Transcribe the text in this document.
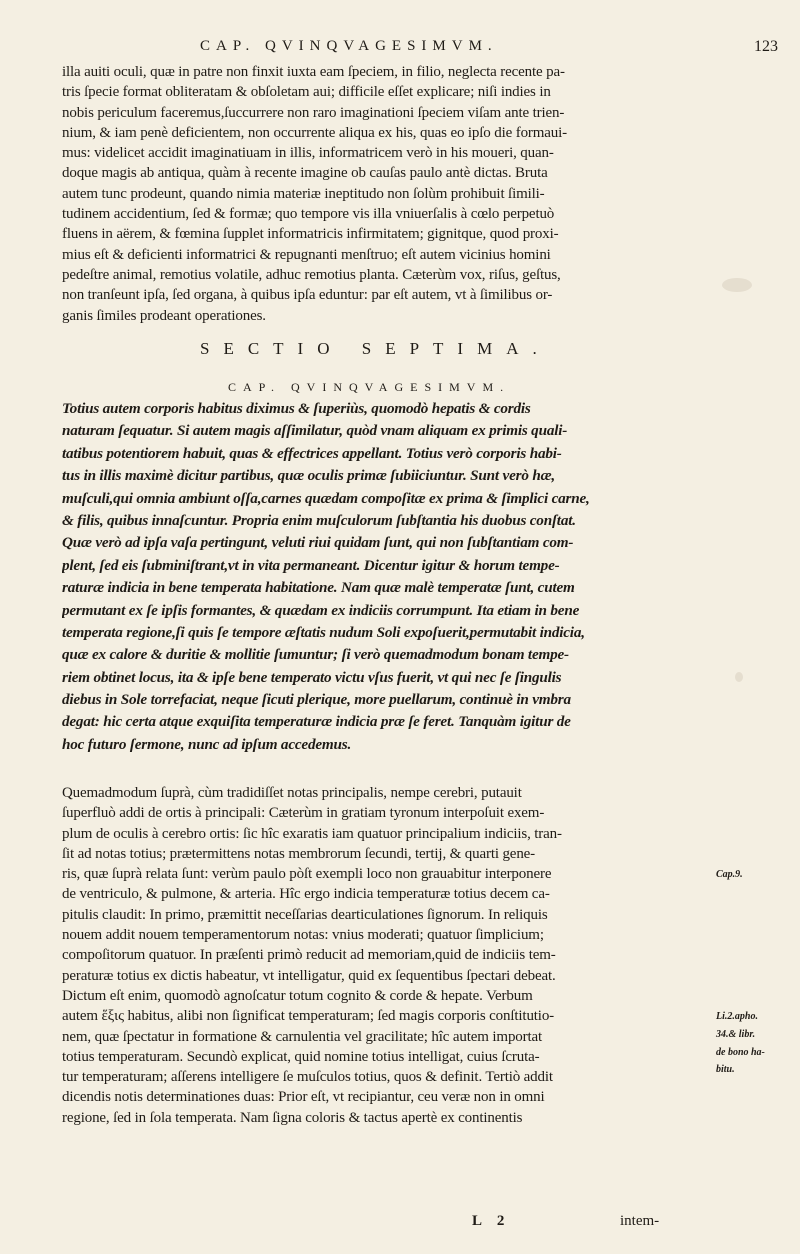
CAP. QVINQVAGESIMVM.	123
illa auiti oculi, quæ in patre non finxit iuxta eam ſpeciem, in filio, neglecta recente pa-
tris ſpecie format obliteratam & obſoletam aui; difficile eſſet explicare; niſi indies in
nobis periculum faceremus,ſuccurrere non raro imaginationi ſpeciem viſam ante trien-
nium, & iam penè deficientem, non occurrente aliqua ex his, quas eo ipſo die formaui-
mus: videlicet accidit imaginatiuam in illis, informatricem verò in his moueri, quan-
doque magis ab antiqua, quàm à recente imagine ob cauſas paulo antè dictas. Bruta
autem tunc prodeunt, quando nimia materiæ ineptitudo non ſolùm prohibuit ſimili-
tudinem accidentium, ſed & formæ; quo tempore vis illa vniuerſalis à cœlo perpetuò
fluens in aërem, & fœmina ſupplet informatricis infirmitatem; gignitque, quod proxi-
mius eſt & deficienti informatrici & repugnanti menſtruo; eſt autem vicinius homini
pedeſtre animal, remotius volatile, adhuc remotius planta. Cæterùm vox, riſus, geſtus,
non tranſeunt ipſa, ſed organa, à quibus ipſa eduntur: par eſt autem, vt à ſimilibus or-
ganis ſimiles prodeant operationes.
SECTIO SEPTIMA.
CAP. QVINQVAGESIMVM.
Totius autem corporis habitus diximus & ſuperiùs, quomodò hepatis & cordis
naturam ſequatur. Si autem magis aſſimilatur, quòd vnam aliquam ex primis quali-
tatibus potentiorem habuit, quas & effectrices appellant. Totius verò corporis habi-
tus in illis maximè dicitur partibus, quæ oculis primæ ſubiiciuntur. Sunt verò hæ,
muſculi,qui omnia ambiunt oſſa,carnes quædam compoſitæ ex prima & ſimplici carne,
& filis, quibus innaſcuntur. Propria enim muſculorum ſubſtantia his duobus conſtat.
Quæ verò ad ipſa vaſa pertingunt, veluti riui quidam ſunt, qui non ſubſtantiam com-
plent, ſed eis ſubminiſtrant,vt in vita permaneant. Dicentur igitur & horum tempe-
raturæ indicia in bene temperata habitatione. Nam quæ malè temperatæ ſunt, cutem
permutant ex ſe ipſis formantes, & quædam ex indiciis corrumpunt. Ita etiam in bene
temperata regione,ſi quis ſe tempore æſtatis nudum Soli expoſuerit,permutabit indicia,
quæ ex calore & duritie & mollitie ſumuntur; ſi verò quemadmodum bonam tempe-
riem obtinet locus, ita & ipſe bene temperato victu vſus fuerit, vt qui nec ſe ſingulis
diebus in Sole torrefaciat, neque ſicuti plerique, more puellarum, continuè in vmbra
degat: hic certa atque exquiſita temperaturæ indicia præ ſe feret. Tanquàm igitur de
hoc futuro ſermone, nunc ad ipſum accedemus.
Quemadmodum ſuprà, cùm tradidiſſet notas principalis, nempe cerebri, putauit
ſuperfluò addi de ortis à principali: Cæterùm in gratiam tyronum interpoſuit exem-
plum de oculis à cerebro ortis: ſic hîc exaratis iam quatuor principalium indiciis, tran-
ſit ad notas totius; prætermittens notas membrorum ſecundi, tertij, & quarti gene-
ris, quæ ſuprà relata ſunt: verùm paulo pòſt exempli loco non grauabitur interponere
de ventriculo, & pulmone, & arteria. Hîc ergo indicia temperaturæ totius decem ca-
pitulis claudit: In primo, præmittit neceſſarias dearticulationes ſignorum. In reliquis
nouem addit nouem temperamentorum notas: vnius moderati; quatuor ſimplicium;
compoſitorum quatuor. In præſenti primò reducit ad memoriam,quid de indiciis tem-
peraturæ totius ex dictis habeatur, vt intelligatur, quid ex ſequentibus ſpectari debeat.
Dictum eſt enim, quomodò agnoſcatur totum cognito & corde & hepate. Verbum
autem ἕξις habitus, alibi non ſignificat temperaturam; ſed magis corporis conſtitutio-
nem, quæ ſpectatur in formatione & carnulentia vel gracilitate; hîc autem importat
totius temperaturam. Secundò explicat, quid nomine totius intelligat, cuius ſcruta-
tur temperaturam; aſſerens intelligere ſe muſculos totius, quos & definit. Tertiò addit
dicendis notis determinationes duas: Prior eſt, vt recipiantur, ceu veræ non in omni
regione, ſed in ſola temperata. Nam ſigna coloris & tactus apertè ex continentis
Cap.9.
Li.2.apho.
34.& libr.
de bono ha-
bitu.
L 2	intem-
